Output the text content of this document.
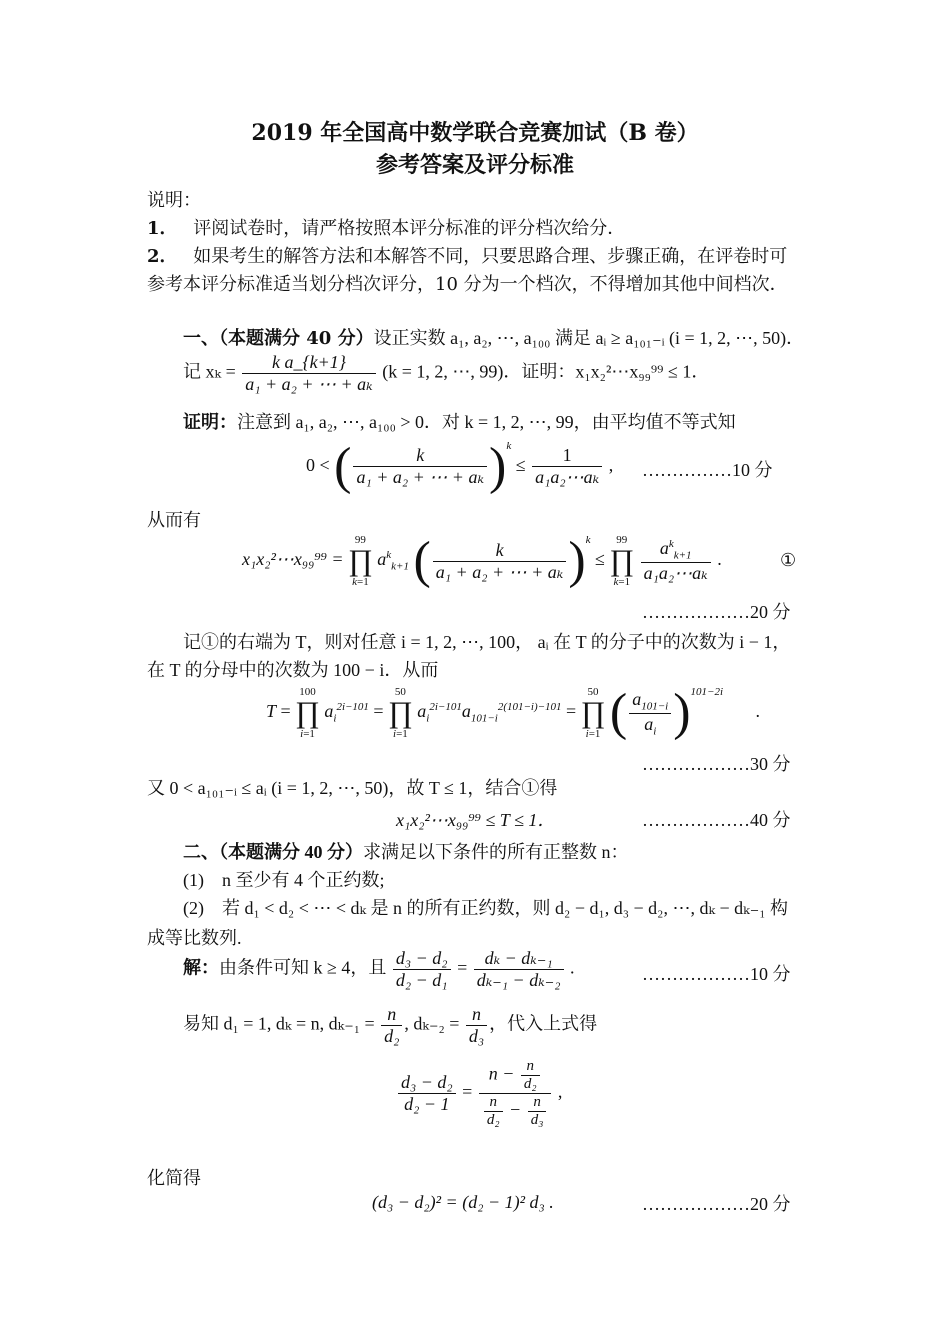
2019 年全国高中数学联合竞赛加试（B 卷）
参考答案及评分标准
说明：
1． 评阅试卷时，请严格按照本评分标准的评分档次给分．
2． 如果考生的解答方法和本解答不同，只要思路合理、步骤正确，在评卷时可
参考本评分标准适当划分档次评分，10 分为一个档次，不得增加其他中间档次．
一、（本题满分 40 分）设正实数 a₁, a₂, ⋯, a₁₀₀ 满足 aᵢ ≥ a₁₀₁₋ᵢ (i = 1, 2, ⋯, 50)．
记 $x_k = \frac{\text{k a\_\{k+1\}}}{\text{a₁ + a₂ + ⋯ + aₖ}} (k = 1$, 2, ⋯, 99)．证明：x₁x₂²⋯x₉₉⁹⁹ ≤ 1．
证明：注意到 a₁, a₂, ⋯, a₁₀₀ > 0．对 k = 1, 2, ⋯, 99，由平均值不等式知
0 < ( $\frac{k}{\text{a₁ + a₂ + ⋯ + aₖ}} )^k \le \frac{1}{\text{a₁a₂⋯aₖ}}$ , ……………10 分
从而有
x₁x₂²⋯x₉₉⁹⁹ = 99
∏
k=1 $a^k_{k+1}$ ( $\frac{k}{\text{a₁ + a₂ + ⋯ + aₖ}} )^k \le 99$
∏
$k=1 \frac{a^k_{k+1}}{\text{a₁a₂⋯aₖ}}$ .	①
………………20 分
记①的右端为 T，则对任意 i = 1, 2, ⋯, 100， aᵢ 在 T 的分子中的次数为 i − 1，
在 T 的分母中的次数为 100 − i．从而
T = 100
∏
i=1 $a_i^{2i-101} = 50$
∏
i=1 $a_i^{2i-101}a_{101-i}^{2(101-i)-101} = 50$
∏
i=1 ( $\frac{a_{101-i}}{a_i} )^{101-2i}$ .
………………30 分
又 0 < a₁₀₁₋ᵢ ≤ aᵢ (i = 1, 2, ⋯, 50)，故 T ≤ 1，结合①得
x₁x₂²⋯x₉₉⁹⁹ ≤ T ≤ 1．	………………40 分
二、（本题满分 40 分）求满足以下条件的所有正整数 n：
(1)　n 至少有 4 个正约数;
(2)　若 d₁ < d₂ < ⋯ < dₖ 是 n 的所有正约数，则 d₂ − d₁, d₃ − d₂, ⋯, dₖ − dₖ₋₁ 构
成等比数列.
解：由条件可知 k ≥ 4，且 $\frac{\text{d₃ − d₂}}{\text{d₂ − d₁}} = \frac{\text{dₖ − dₖ₋₁}}{\text{dₖ₋₁ − dₖ₋₂}}$ .	………………10 分
易知 d₁ = 1, dₖ = n, $d_{k-1} = \frac{n}{\text{d₂}}$ , $d_{k-2} = \frac{n}{\text{d₃}}$ ，代入上式得
$\frac{\text{d₃ − d₂}}{\text{d₂ − 1}} = \frac{n - \frac{n}{\text{d₂}}}{\frac{n}{\text{d₂}} - \frac{n}{\text{d₃}}}$ ,
化简得
(d₃ − d₂)² = (d₂ − 1)² d₃ .	………………20 分
